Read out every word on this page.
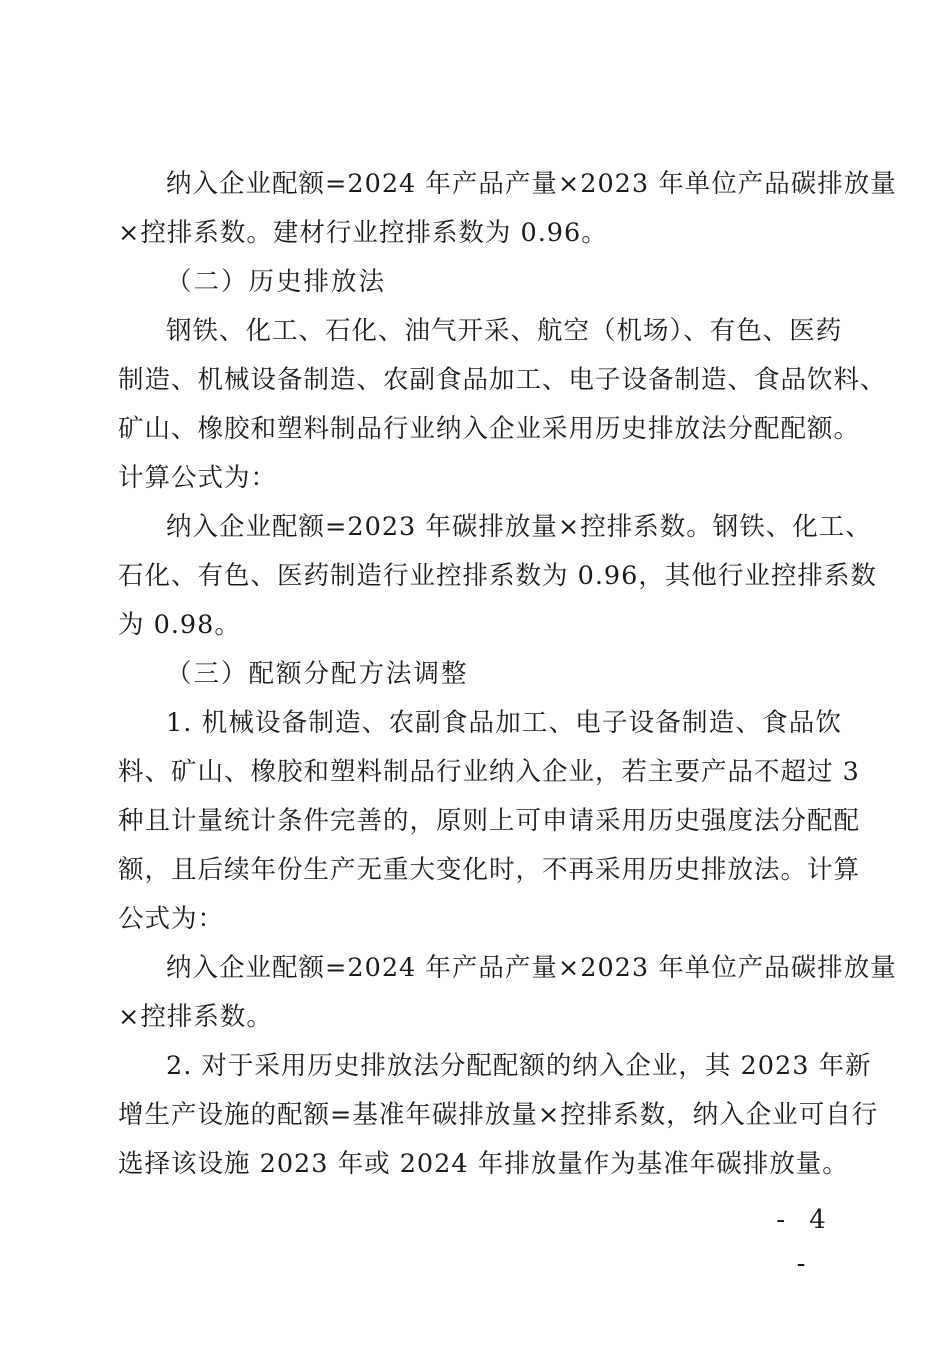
纳入企业配额=2024 年产品产量×2023 年单位产品碳排放量
×控排系数。建材行业控排系数为 0.96。
（二）历史排放法
钢铁、化工、石化、油气开采、航空（机场）、有色、医药
制造、机械设备制造、农副食品加工、电子设备制造、食品饮料、
矿山、橡胶和塑料制品行业纳入企业采用历史排放法分配配额。
计算公式为：
纳入企业配额=2023 年碳排放量×控排系数。钢铁、化工、
石化、有色、医药制造行业控排系数为 0.96，其他行业控排系数
为 0.98。
（三）配额分配方法调整
1. 机械设备制造、农副食品加工、电子设备制造、食品饮
料、矿山、橡胶和塑料制品行业纳入企业，若主要产品不超过 3
种且计量统计条件完善的，原则上可申请采用历史强度法分配配
额，且后续年份生产无重大变化时，不再采用历史排放法。计算
公式为：
纳入企业配额=2024 年产品产量×2023 年单位产品碳排放量
×控排系数。
2. 对于采用历史排放法分配配额的纳入企业，其 2023 年新
增生产设施的配额=基准年碳排放量×控排系数，纳入企业可自行
选择该设施 2023 年或 2024 年排放量作为基准年碳排放量。
- 4 -
